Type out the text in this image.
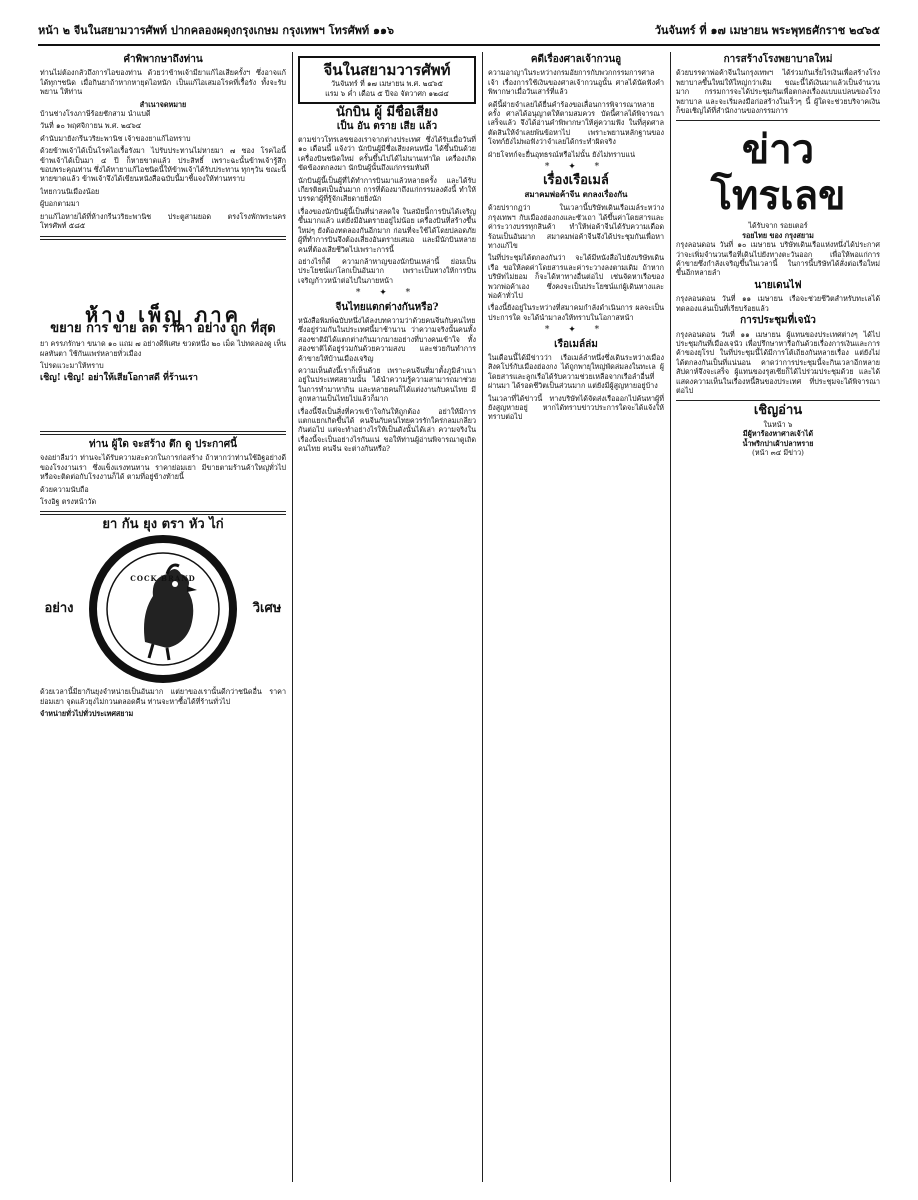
หน้า ๒ จีนในสยามวารศัพท์ ปากคลองผดุงกรุงเกษม กรุงเทพฯ โทรศัพท์ ๑๑๖	วันจันทร์ ที่ ๑๗ เมษายน พระพุทธศักราช ๒๔๖๕
คำพิพากษาถึงท่าน

ท่านไม่ต้องกลัวถึงการไอของท่าน ด้วยว่าข้าพเจ้ามียาแก้ไอเสียครั้งฯ ซึ่งอาจแก้ได้ทุกฯชนิด เมื่อกินยาถ้าหากหายุดไอหนัก เป็นแก้ไอเสมอโรคที่เรื้อรัง ทั้งจะรับพยาน ให้ท่าน

สำเนาจดหมาย

บ้านช่างโรงภาษีร้อยชักสาม นำแบดี

วันที่ ๑๐ พฤศจิกายน พ.ศ. ๒๔๖๔

คำนับมายังกรีนวริยะพานิช เจ้าของยาแก้ไอทราบ

ด้วยข้าพเจ้าได้เป็นโรคไอเรื้อรังมา ไปรับประทานไม่หายมา ๗ ซอง โรคไอนี้ข้าพเจ้าได้เป็นมา ๔ ปี ก็หายขาดแล้ว ประสิทธิ์ เพราะฉะนั้นข้าพเจ้ารู้สึกขอบพระคุณท่าน ซึ่งได้หายาแก้ไอชนิดนี้ให้ข้าพเจ้าได้รับประทาน ทุกๆวัน ขณะนี้หายขาดแล้ว ข้าพเจ้าจึงได้เขียนหนังสือฉบับนี้มาชี้แจงให้ท่านทราบ

ไทยกวนนิเมืองน้อย

ผู้บอกตามมา

ยาแก้ไอหายได้ที่ห้างกรีนวริยะพานิช ประตูสามยอด ตรงโรงพักพระนคร โทรศัพท์ ๕๘๕

ห้าง เพ็ญ ภาค
ขยาย การ ขาย ลด ราคา อย่าง ถูก ที่สุด

ยา ครรภรักษา ขนาด ๑๐ แถม ๗ อย่างดีพิเศษ ขวดหนึ่ง ๒๐ เม็ด ไปทดลองดู เห็นผลทันตา ใช้กันแพร่หลายทั่วเมือง

โปรดแวะมาให้ทราบ

เชิญ! เชิญ! อย่าให้เสียโอกาสดี ที่ร้านเรา

ท่าน ผู้ใด จะสร้าง ตึก ดู ประกาศนี้

จงอย่าลืมว่า ท่านจะได้รับความสะดวกในการก่อสร้าง ถ้าหากว่าท่านใช้อิฐอย่างดีของโรงงานเรา ซึ่งแข็งแรงทนทาน ราคาย่อมเยา มีขายตามร้านค้าใหญ่ทั่วไป หรือจะติดต่อกับโรงงานก็ได้ ตามที่อยู่ข้างท้ายนี้

ด้วยความนับถือ

โรงอิฐ ตรงหน้าวัด

ยา กัน ยุง ตรา หัว ไก่
อย่าง	วิเศษ
COCK BRAND

ด้วยเวลานี้มียากันยุงจำหน่ายเป็นอันมาก แต่ยาของเรานั้นดีกว่าชนิดอื่น ราคาย่อมเยา จุดแล้วยุงไม่กวนตลอดคืน ท่านจะหาซื้อได้ที่ร้านทั่วไป

จำหน่ายทั่วไปทั่วประเทศสยาม

จีนในสยามวารศัพท์
วันจันทร์ ที่ ๑๗ เมษายน พ.ศ. ๒๔๖๕
แรม ๖ ค่ำ เดือน ๕ ปีจอ จัตวาศก ๑๒๘๔
นักบิน ผู้ มีชื่อเสียง
เป็น อัน ตราย เสีย แล้ว

ตามข่าวโทรเลขของเราจากต่างประเทศ ซึ่งได้รับเมื่อวันที่ ๑๐ เดือนนี้ แจ้งว่า นักบินผู้มีชื่อเสียงคนหนึ่ง ได้ขึ้นบินด้วยเครื่องบินชนิดใหม่ ครั้นขึ้นไปได้ไม่นานเท่าใด เครื่องเกิดขัดข้องตกลงมา นักบินผู้นั้นถึงแก่กรรมทันที

นักบินผู้นี้เป็นผู้ที่ได้ทำการบินมาแล้วหลายครั้ง และได้รับเกียรติยศเป็นอันมาก การที่ต้องมาถึงแก่กรรมลงดังนี้ ทำให้บรรดาผู้ที่รู้จักเสียดายยิ่งนัก

เรื่องของนักบินผู้นี้เป็นที่น่าสลดใจ ในสมัยนี้การบินได้เจริญขึ้นมากแล้ว แต่ยังมีอันตรายอยู่ไม่น้อย เครื่องบินที่สร้างขึ้นใหม่ๆ ยังต้องทดลองกันอีกมาก ก่อนที่จะใช้ได้โดยปลอดภัย ผู้ที่ทำการบินจึงต้องเสี่ยงอันตรายเสมอ และมีนักบินหลายคนที่ต้องเสียชีวิตไปเพราะการนี้

อย่างไรก็ดี ความกล้าหาญของนักบินเหล่านี้ ย่อมเป็นประโยชน์แก่โลกเป็นอันมาก เพราะเป็นทางให้การบินเจริญก้าวหน้าต่อไปในภายหน้า

* ✦ *
จีนไทยแตกต่างกันหรือ?

หนังสือพิมพ์ฉบับหนึ่งได้ลงบทความว่าด้วยคนจีนกับคนไทย ซึ่งอยู่ร่วมกันในประเทศนี้มาช้านาน ว่าความจริงนั้นคนทั้งสองชาติมิได้แตกต่างกันมากมายอย่างที่บางคนเข้าใจ ทั้งสองชาติได้อยู่ร่วมกันด้วยความสงบ และช่วยกันทำการค้าขายให้บ้านเมืองเจริญ

ความเห็นดังนี้เราก็เห็นด้วย เพราะคนจีนที่มาตั้งภูมิลำเนาอยู่ในประเทศสยามนั้น ได้นำความรู้ความสามารถมาช่วยในการทำมาหากิน และหลายคนก็ได้แต่งงานกับคนไทย มีลูกหลานเป็นไทยไปแล้วก็มาก

เรื่องนี้จึงเป็นสิ่งที่ควรเข้าใจกันให้ถูกต้อง อย่าให้มีการแตกแยกเกิดขึ้นได้ คนจีนกับคนไทยควรรักใคร่กลมเกลียวกันต่อไป แต่จะทำอย่างไรให้เป็นดังนั้นได้เล่า ความจริงในเรื่องนี้จะเป็นอย่างไรกันแน่ ขอให้ท่านผู้อ่านพิจารณาดูเถิด คนไทย คนจีน จะต่างกันหรือ?

คดีเรื่องศาลเจ้ากวนอู

ความอาญาในระหว่างกรมอัยการกับพวกกรรมการศาลเจ้า เรื่องการใช้เงินของศาลเจ้ากวนอูนั้น ศาลได้นัดฟังคำพิพากษาเมื่อวันเสาร์ที่แล้ว

คดีนี้ฝ่ายจำเลยได้ยื่นคำร้องขอเลื่อนการพิจารณาหลายครั้ง ศาลได้อนุญาตให้ตามสมควร บัดนี้ศาลได้พิจารณาเสร็จแล้ว จึงได้อ่านคำพิพากษาให้คู่ความฟัง ในที่สุดศาลตัดสินให้จำเลยพ้นข้อหาไป เพราะพยานหลักฐานของโจทก์ยังไม่พอฟังว่าจำเลยได้กระทำผิดจริง

ฝ่ายโจทก์จะยื่นอุทธรณ์หรือไม่นั้น ยังไม่ทราบแน่

* ✦ *
เรื่องเรือเมล์
สมาคมพ่อค้าจีน ตกลงเรื่องกัน

ด้วยปรากฏว่า ในเวลานี้บริษัทเดินเรือเมล์ระหว่างกรุงเทพฯ กับเมืองฮ่องกงและซัวเถา ได้ขึ้นค่าโดยสารและค่าระวางบรรทุกสินค้า ทำให้พ่อค้าจีนได้รับความเดือดร้อนเป็นอันมาก สมาคมพ่อค้าจีนจึงได้ประชุมกันเพื่อหาทางแก้ไข

ในที่ประชุมได้ตกลงกันว่า จะได้มีหนังสือไปยังบริษัทเดินเรือ ขอให้ลดค่าโดยสารและค่าระวางลงตามเดิม ถ้าหากบริษัทไม่ยอม ก็จะได้หาทางอื่นต่อไป เช่นจัดหาเรือของพวกพ่อค้าเอง ซึ่งคงจะเป็นประโยชน์แก่ผู้เดินทางและพ่อค้าทั่วไป

เรื่องนี้ยังอยู่ในระหว่างที่สมาคมกำลังดำเนินการ ผลจะเป็นประการใด จะได้นำมาลงให้ทราบในโอกาสหน้า

* ✦ *
เรือเมล์ล่ม

ในเดือนนี้ได้มีข่าวว่า เรือเมล์ลำหนึ่งซึ่งเดินระหว่างเมืองสิงคโปร์กับเมืองฮ่องกง ได้ถูกพายุใหญ่พัดล่มลงในทะเล ผู้โดยสารและลูกเรือได้รับความช่วยเหลือจากเรือลำอื่นที่ผ่านมา ได้รอดชีวิตเป็นส่วนมาก แต่ยังมีผู้สูญหายอยู่บ้าง

ในเวลาที่ได้ข่าวนี้ ทางบริษัทได้จัดส่งเรือออกไปค้นหาผู้ที่ยังสูญหายอยู่ หากได้ทราบข่าวประการใดจะได้แจ้งให้ทราบต่อไป

การสร้างโรงพยาบาลใหม่

ด้วยบรรดาพ่อค้าจีนในกรุงเทพฯ ได้ร่วมกันเรี่ยไรเงินเพื่อสร้างโรงพยาบาลขึ้นใหม่ให้ใหญ่กว่าเดิม ขณะนี้ได้เงินมาแล้วเป็นจำนวนมาก กรรมการจะได้ประชุมกันเพื่อตกลงเรื่องแบบแปลนของโรงพยาบาล และจะเริ่มลงมือก่อสร้างในเร็วๆ นี้ ผู้ใดจะช่วยบริจาคเงินก็ขอเชิญได้ที่สำนักงานของกรรมการ

ข่าวโทรเลข
ได้รับจาก รอยเตอร์
รอยไทย ของ กรุงสยาม

กรุงลอนดอน วันที่ ๑๐ เมษายน บริษัทเดินเรือแห่งหนึ่งได้ประกาศว่าจะเพิ่มจำนวนเรือที่เดินไปยังทางตะวันออก เพื่อให้พอแก่การค้าขายซึ่งกำลังเจริญขึ้นในเวลานี้ ในการนี้บริษัทได้สั่งต่อเรือใหม่ขึ้นอีกหลายลำ

นายเดนไฟ

กรุงลอนดอน วันที่ ๑๑ เมษายน เรือจะช่วยชีวิตสำหรับทะเลได้ทดลองแล่นเป็นที่เรียบร้อยแล้ว

การประชุมที่เจนัว

กรุงลอนดอน วันที่ ๑๑ เมษายน ผู้แทนของประเทศต่างๆ ได้ไปประชุมกันที่เมืองเจนัว เพื่อปรึกษาหารือกันด้วยเรื่องการเงินและการค้าของยุโรป ในที่ประชุมนี้ได้มีการโต้เถียงกันหลายเรื่อง แต่ยังไม่ได้ตกลงกันเป็นที่แน่นอน คาดว่าการประชุมนี้จะกินเวลาอีกหลายสัปดาห์จึงจะเสร็จ ผู้แทนของรุสเซียก็ได้ไปร่วมประชุมด้วย และได้แสดงความเห็นในเรื่องหนี้สินของประเทศ ที่ประชุมจะได้พิจารณาต่อไป

เชิญอ่าน
ในหน้า ๖
มีผู้หาร้องหาศาลเจ้าได้
น้ำพริกปาเผ้าปลาทราย
(หน้า ๓๔ มีข่าว)
